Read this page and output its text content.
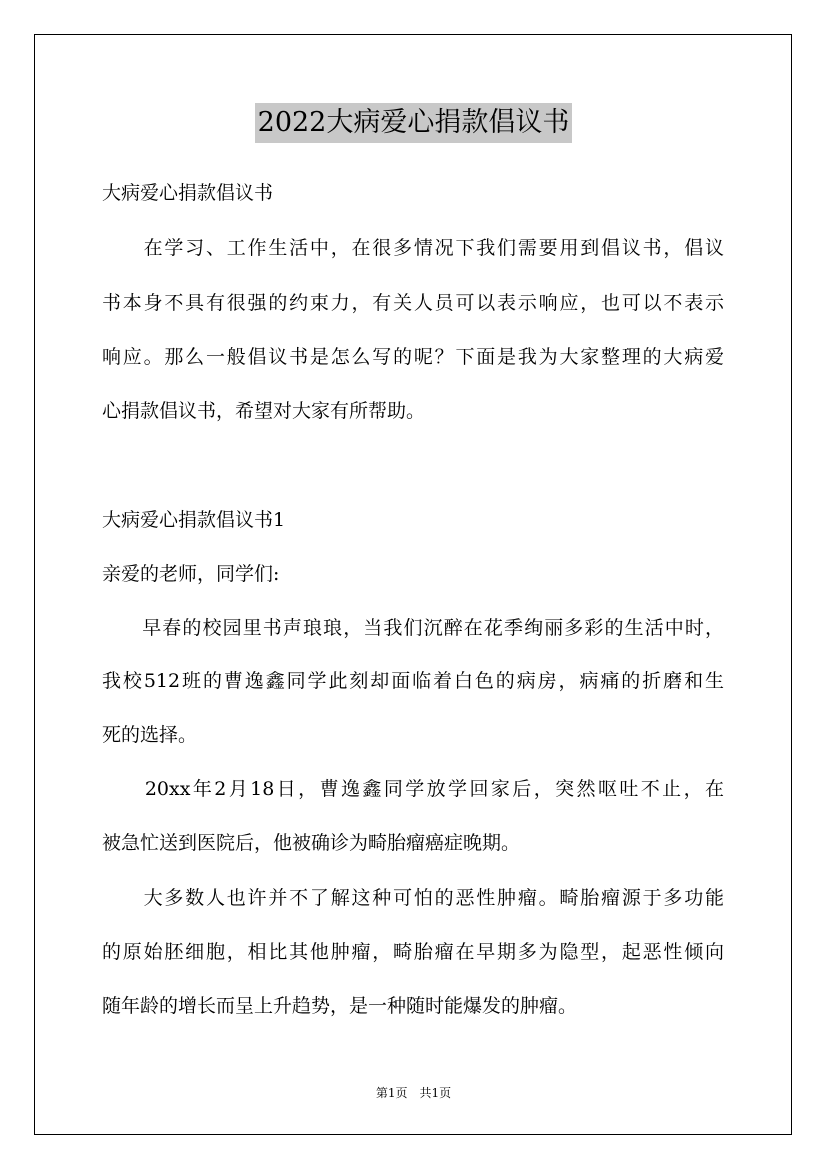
2022大病爱心捐款倡议书
大病爱心捐款倡议书
　　在学习、工作生活中，在很多情况下我们需要用到倡议书，倡议
书本身不具有很强的约束力，有关人员可以表示响应，也可以不表示
响应。那么一般倡议书是怎么写的呢？下面是我为大家整理的大病爱
心捐款倡议书，希望对大家有所帮助。
大病爱心捐款倡议书1
亲爱的老师，同学们:
　　早春的校园里书声琅琅，当我们沉醉在花季绚丽多彩的生活中时，
我校512班的曹逸鑫同学此刻却面临着白色的病房，病痛的折磨和生
死的选择。
　　20xx年2月18日，曹逸鑫同学放学回家后，突然呕吐不止，在
被急忙送到医院后，他被确诊为畸胎瘤癌症晚期。
　　大多数人也许并不了解这种可怕的恶性肿瘤。畸胎瘤源于多功能
的原始胚细胞，相比其他肿瘤，畸胎瘤在早期多为隐型，起恶性倾向
随年龄的增长而呈上升趋势，是一种随时能爆发的肿瘤。
第1页　共1页
